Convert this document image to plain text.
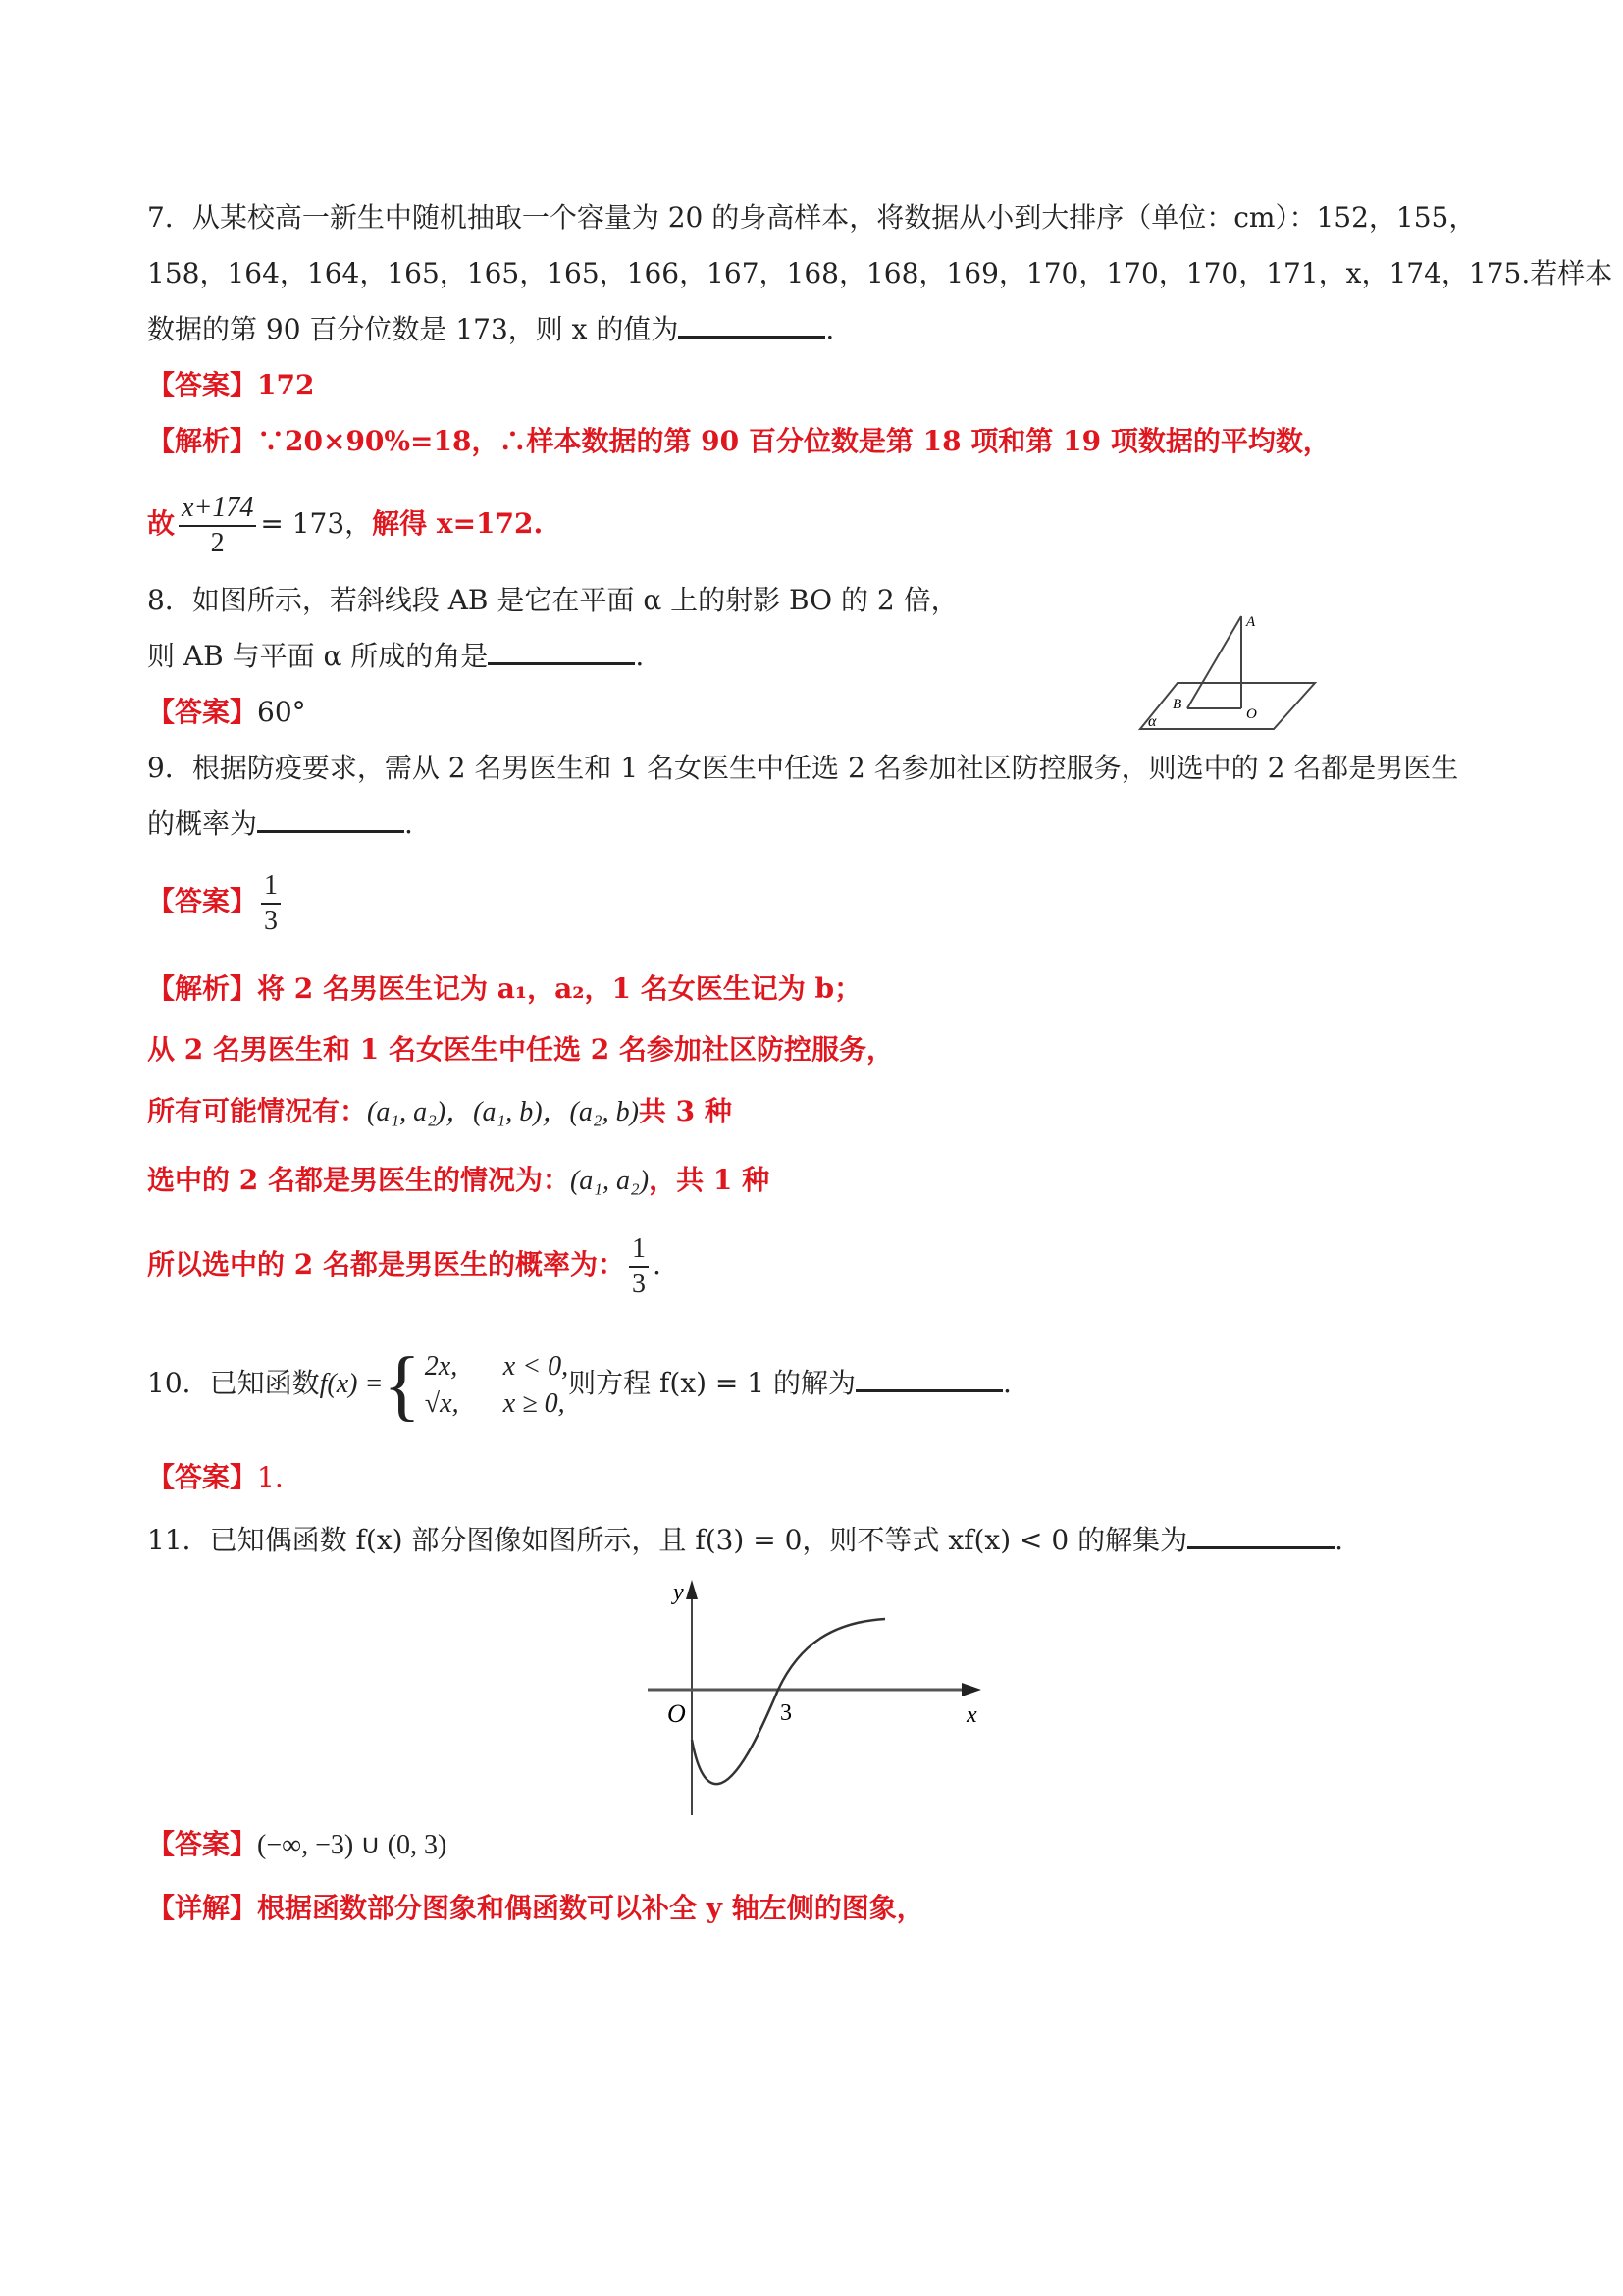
7．从某校高一新生中随机抽取一个容量为 20 的身高样本，将数据从小到大排序（单位：cm）：152，155，
158，164，164，165，165，165，166，167，168，168，169，170，170，170，171，x，174，175.若样本
数据的第 90 百分位数是 173，则 x 的值为	.
【答案】172
【解析】∵20×90%=18，∴样本数据的第 90 百分位数是第 18 项和第 19 项数据的平均数，
故 $\frac{x+174}{2} = 173$，解得 x=172.
8．如图所示，若斜线段 AB 是它在平面 α 上的射影 BO 的 2 倍，
则 AB 与平面 α 所成的角是	.
【答案】60°
A
B
O
α
9．根据防疫要求，需从 2 名男医生和 1 名女医生中任选 2 名参加社区防控服务，则选中的 2 名都是男医生
的概率为	.
【答案】 $\frac{1}{3}$
【解析】将 2 名男医生记为 a₁，a₂，1 名女医生记为 b；
从 2 名男医生和 1 名女医生中任选 2 名参加社区防控服务，
所有可能情况有：(a₁, a₂)，(a₁, b)，(a₂, b)共 3 种
选中的 2 名都是男医生的情况为：(a₁, a₂)，共 1 种
所以选中的 2 名都是男医生的概率为： $\frac{1}{3}$ .
10．已知函数f(x) = { 2x, x < 0,
√x, x ≥ 0,
则方程 f(x) = 1 的解为	.
【答案】1.
11．已知偶函数 f(x) 部分图像如图所示，且 f(3) = 0，则不等式 xf(x) < 0 的解集为	.
y
x
O	3
【答案】(−∞, −3) ∪ (0, 3)
【详解】根据函数部分图象和偶函数可以补全 y 轴左侧的图象，
